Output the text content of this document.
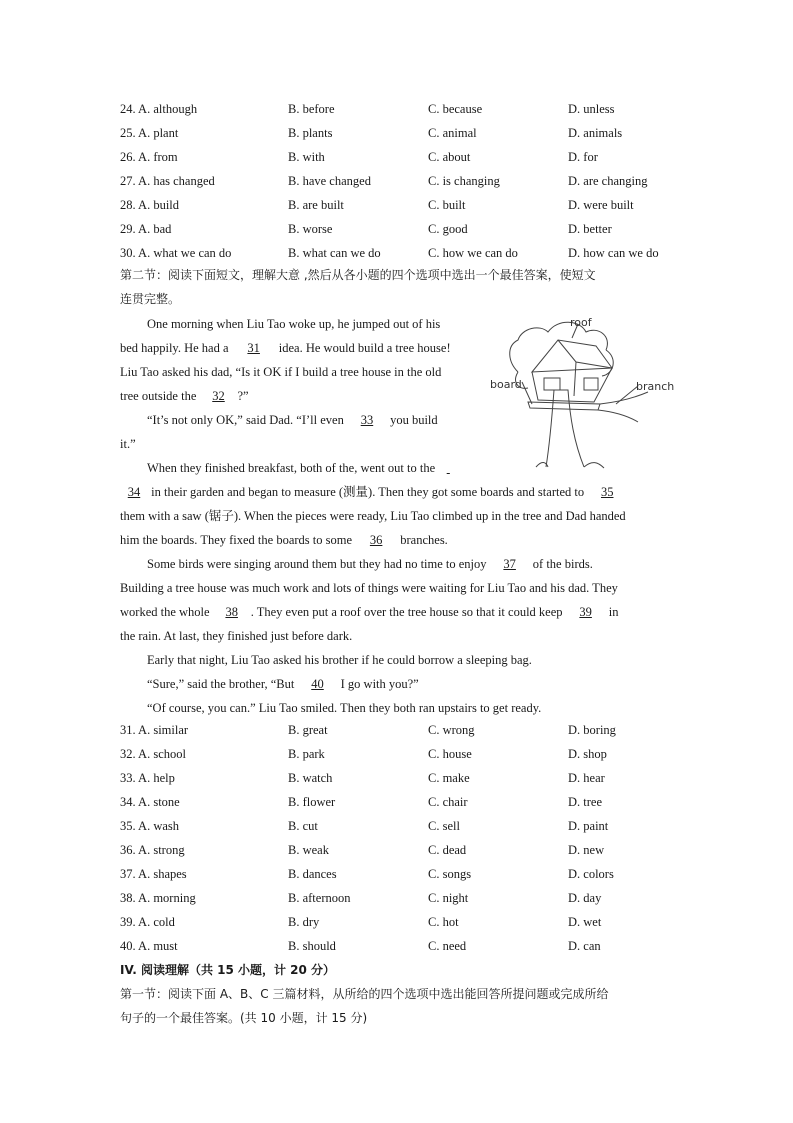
24. A. although	B. before	C. because	D. unless
25. A. plant	B. plants	C. animal	D. animals
26. A. from	B. with	C. about	D. for
27. A. has changed	B. have changed	C. is changing	D. are changing
28. A. build	B. are built	C. built	D. were built
29. A. bad	B. worse	C. good	D. better
30. A. what we can do	B. what can we do	C. how we can do	D. how can we do
第二节：阅读下面短文，理解大意 ,然后从各小题的四个选项中选出一个最佳答案，使短文
连贯完整。
One morning when Liu Tao woke up, he jumped out of his
bed happily. He had a 31 idea. He would build a tree house!
Liu Tao asked his dad, “Is it OK if I build a tree house in the old
tree outside the 32 ?”
“It’s not only OK,” said Dad. “I’ll even 33 you build
it.”
When they finished breakfast, both of the, went out to the
34 in their garden and began to measure (测量). Then they got some boards and started to 35
them with a saw (锯子). When the pieces were ready, Liu Tao climbed up in the tree and Dad handed
him the boards. They fixed the boards to some 36 branches.
Some birds were singing around them but they had no time to enjoy 37 of the birds.
Building a tree house was much work and lots of things were waiting for Liu Tao and his dad. They
worked the whole 38 . They even put a roof over the tree house so that it could keep 39 in
the rain. At last, they finished just before dark.
Early that night, Liu Tao asked his brother if he could borrow a sleeping bag.
“Sure,” said the brother, “But 40 I go with you?”
“Of course, you can.” Liu Tao smiled. Then they both ran upstairs to get ready.
roof
board	branch
31. A. similar	B. great	C. wrong	D. boring
32. A. school	B. park	C. house	D. shop
33. A. help	B. watch	C. make	D. hear
34. A. stone	B. flower	C. chair	D. tree
35. A. wash	B. cut	C. sell	D. paint
36. A. strong	B. weak	C. dead	D. new
37. A. shapes	B. dances	C. songs	D. colors
38. A. morning	B. afternoon	C. night	D. day
39. A. cold	B. dry	C. hot	D. wet
40. A. must	B. should	C. need	D. can
IV. 阅读理解（共 15 小题，计 20 分）
第一节：阅读下面 A、B、C 三篇材料，从所给的四个选项中选出能回答所提问题或完成所给
句子的一个最佳答案。(共 10 小题，计 15 分)
